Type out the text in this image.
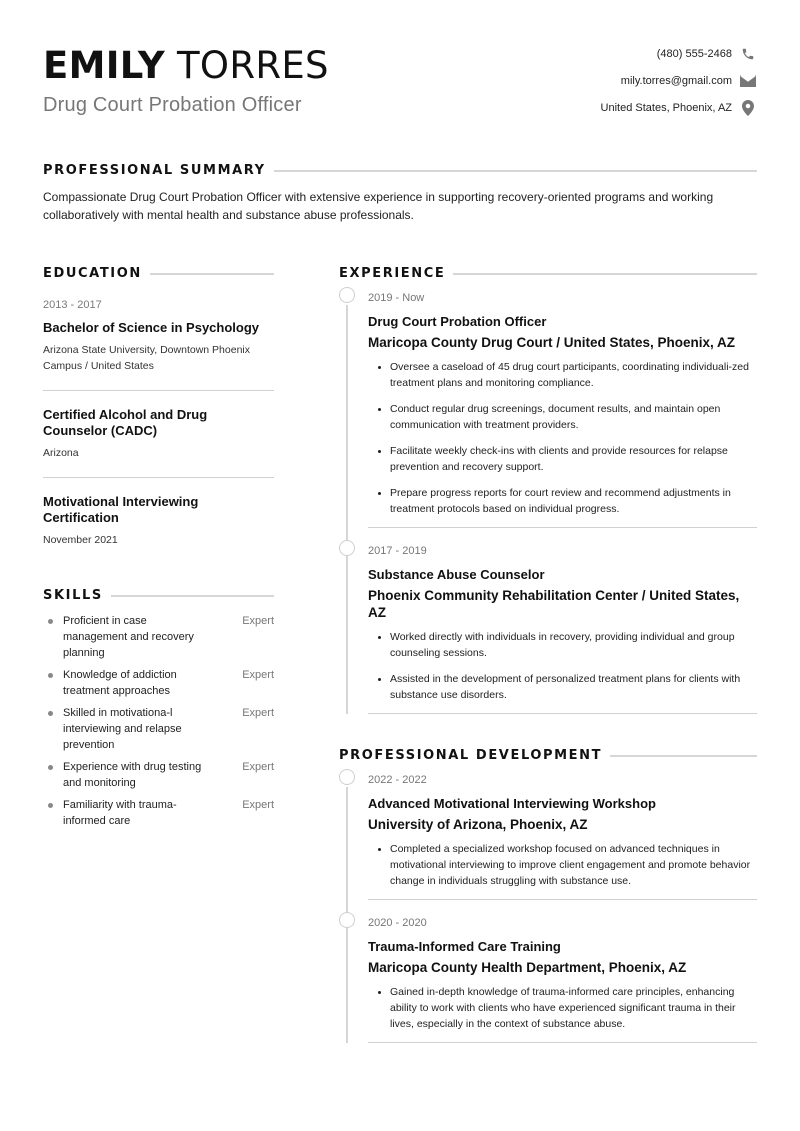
EMILY TORRES
Drug Court Probation Officer
(480) 555-2468
mily.torres@gmail.com
United States, Phoenix, AZ
PROFESSIONAL SUMMARY

Compassionate Drug Court Probation Officer with extensive experience in supporting recovery-oriented programs and working collaboratively with mental health and substance abuse professionals.

EDUCATION
2013 - 2017
Bachelor of Science in Psychology
Arizona State University, Downtown Phoenix Campus / United States
Certified Alcohol and Drug Counselor (CADC)
Arizona
Motivational Interviewing Certification
November 2021
SKILLS
Proficient in case management and recovery planning
Expert
Knowledge of addiction treatment approaches
Expert
Skilled in motivationa-l interviewing and relapse prevention
Expert
Experience with drug testing and monitoring
Expert
Familiarity with trauma-informed care
Expert
EXPERIENCE
2019 - Now
Drug Court Probation Officer
Maricopa County Drug Court / United States, Phoenix, AZ
Oversee a caseload of 45 drug court participants, coordinating individuali-zed treatment plans and monitoring compliance.
Conduct regular drug screenings, document results, and maintain open communication with treatment providers.
Facilitate weekly check-ins with clients and provide resources for relapse prevention and recovery support.
Prepare progress reports for court review and recommend adjustments in treatment protocols based on individual progress.
2017 - 2019
Substance Abuse Counselor
Phoenix Community Rehabilitation Center / United States, AZ
Worked directly with individuals in recovery, providing individual and group counseling sessions.
Assisted in the development of personalized treatment plans for clients with substance use disorders.
PROFESSIONAL DEVELOPMENT
2022 - 2022
Advanced Motivational Interviewing Workshop
University of Arizona, Phoenix, AZ
Completed a specialized workshop focused on advanced techniques in motivational interviewing to improve client engagement and promote behavior change in individuals struggling with substance use.
2020 - 2020
Trauma-Informed Care Training
Maricopa County Health Department, Phoenix, AZ
Gained in-depth knowledge of trauma-informed care principles, enhancing ability to work with clients who have experienced significant trauma in their lives, especially in the context of substance abuse.
